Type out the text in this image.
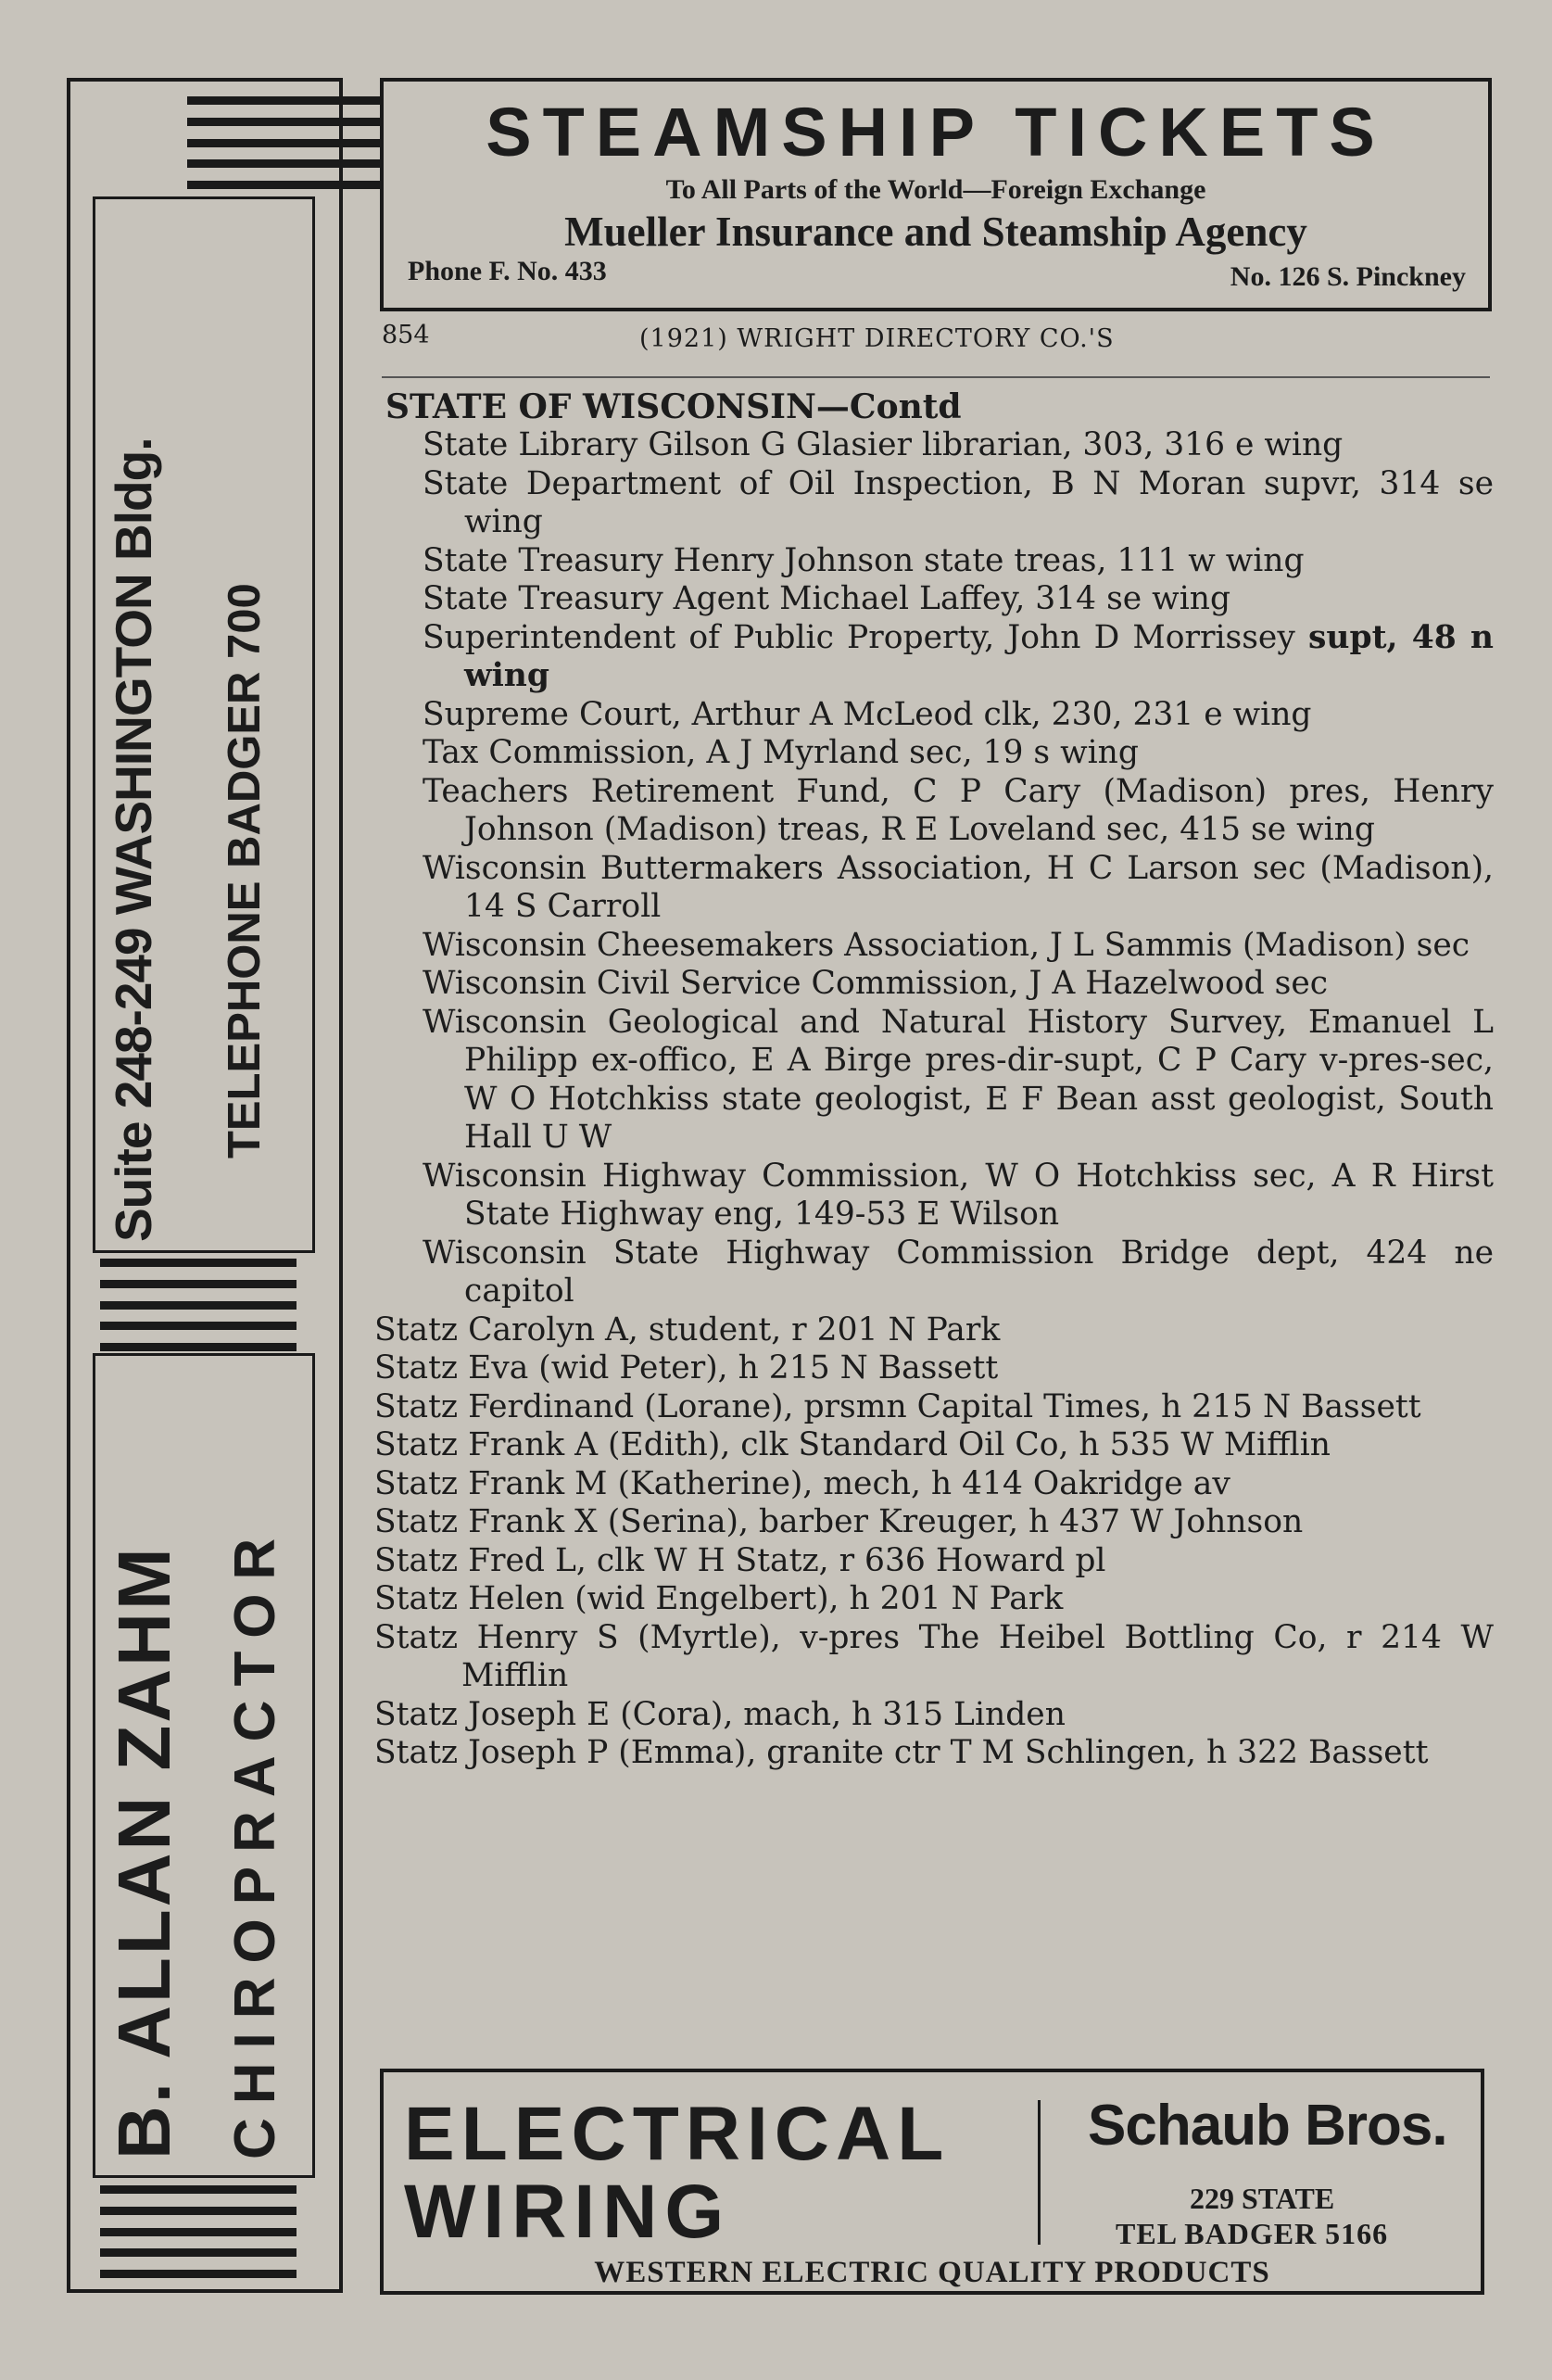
Suite 248-249 WASHINGTON Bldg. TELEPHONE BADGER 700
B. ALLAN ZAHM CHIROPRACTOR
STEAMSHIP TICKETS
To All Parts of the World—Foreign Exchange
Mueller Insurance and Steamship Agency
Phone F. No. 433	No. 126 S. Pinckney
854	(1921) WRIGHT DIRECTORY CO.'S
STATE OF WISCONSIN—Contd
State Library Gilson G Glasier librarian, 303, 316 e wing
State Department of Oil Inspection, B N Moran supvr, 314 se wing
State Treasury Henry Johnson state treas, 111 w wing
State Treasury Agent Michael Laffey, 314 se wing
Superintendent of Public Property, John D Morrissey supt, 48 n wing
Supreme Court, Arthur A McLeod clk, 230, 231 e wing
Tax Commission, A J Myrland sec, 19 s wing
Teachers Retirement Fund, C P Cary (Madison) pres, Henry Johnson (Madison) treas, R E Loveland sec, 415 se wing
Wisconsin Buttermakers Association, H C Larson sec (Madison), 14 S Carroll
Wisconsin Cheesemakers Association, J L Sammis (Madison) sec
Wisconsin Civil Service Commission, J A Hazelwood sec
Wisconsin Geological and Natural History Survey, Emanuel L Philipp ex-offico, E A Birge pres-dir-supt, C P Cary v-pres-sec, W O Hotchkiss state geologist, E F Bean asst geologist, South Hall U W
Wisconsin Highway Commission, W O Hotchkiss sec, A R Hirst State Highway eng, 149-53 E Wilson
Wisconsin State Highway Commission Bridge dept, 424 ne capitol
Statz Carolyn A, student, r 201 N Park
Statz Eva (wid Peter), h 215 N Bassett
Statz Ferdinand (Lorane), prsmn Capital Times, h 215 N Bassett
Statz Frank A (Edith), clk Standard Oil Co, h 535 W Mifflin
Statz Frank M (Katherine), mech, h 414 Oakridge av
Statz Frank X (Serina), barber Kreuger, h 437 W Johnson
Statz Fred L, clk W H Statz, r 636 Howard pl
Statz Helen (wid Engelbert), h 201 N Park
Statz Henry S (Myrtle), v-pres The Heibel Bottling Co, r 214 W Mifflin
Statz Joseph E (Cora), mach, h 315 Linden
Statz Joseph P (Emma), granite ctr T M Schlingen, h 322 Bassett
ELECTRICAL
WIRING
Schaub Bros.
229 STATE
TEL BADGER 5166
WESTERN ELECTRIC QUALITY PRODUCTS
